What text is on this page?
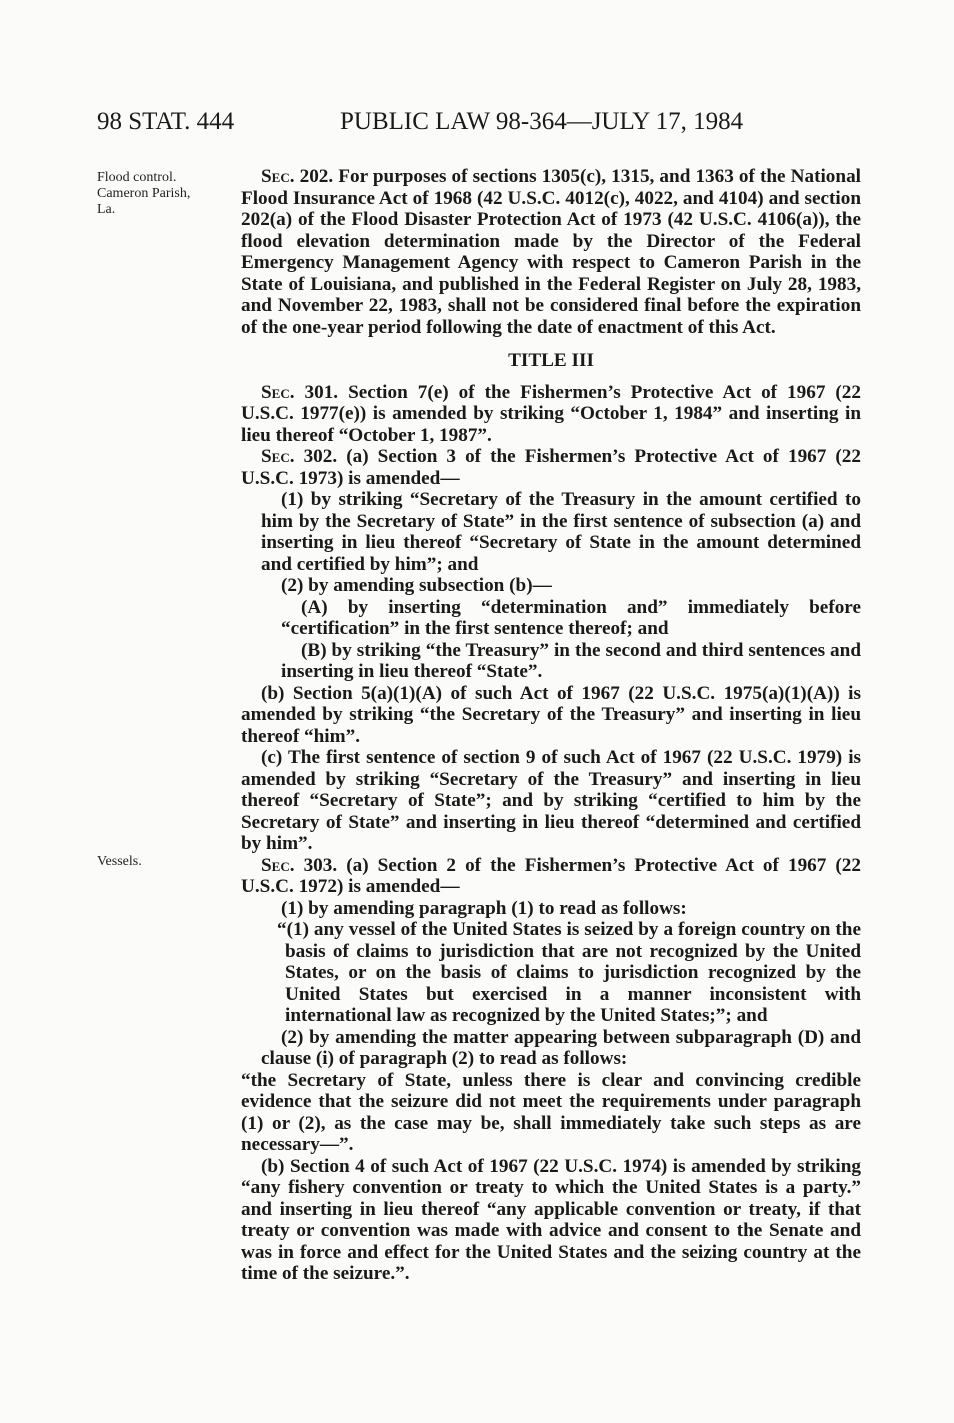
98 STAT. 444	PUBLIC LAW 98-364—JULY 17, 1984
Flood control.
Cameron Parish,
La.
Vessels.

Sec. 202. For purposes of sections 1305(c), 1315, and 1363 of the National Flood Insurance Act of 1968 (42 U.S.C. 4012(c), 4022, and 4104) and section 202(a) of the Flood Disaster Protection Act of 1973 (42 U.S.C. 4106(a)), the flood elevation determination made by the Director of the Federal Emergency Management Agency with respect to Cameron Parish in the State of Louisiana, and published in the Federal Register on July 28, 1983, and November 22, 1983, shall not be considered final before the expiration of the one-year period following the date of enactment of this Act.

TITLE III

Sec. 301. Section 7(e) of the Fishermen’s Protective Act of 1967 (22 U.S.C. 1977(e)) is amended by striking “October 1, 1984” and inserting in lieu thereof “October 1, 1987”.

Sec. 302. (a) Section 3 of the Fishermen’s Protective Act of 1967 (22 U.S.C. 1973) is amended—

(1) by striking “Secretary of the Treasury in the amount certified to him by the Secretary of State” in the first sentence of subsection (a) and inserting in lieu thereof “Secretary of State in the amount determined and certified by him”; and

(2) by amending subsection (b)—

(A) by inserting “determination and” immediately before “certification” in the first sentence thereof; and

(B) by striking “the Treasury” in the second and third sentences and inserting in lieu thereof “State”.

(b) Section 5(a)(1)(A) of such Act of 1967 (22 U.S.C. 1975(a)(1)(A)) is amended by striking “the Secretary of the Treasury” and inserting in lieu thereof “him”.

(c) The first sentence of section 9 of such Act of 1967 (22 U.S.C. 1979) is amended by striking “Secretary of the Treasury” and inserting in lieu thereof “Secretary of State”; and by striking “certified to him by the Secretary of State” and inserting in lieu thereof “determined and certified by him”.

Sec. 303. (a) Section 2 of the Fishermen’s Protective Act of 1967 (22 U.S.C. 1972) is amended—

(1) by amending paragraph (1) to read as follows:

“(1) any vessel of the United States is seized by a foreign country on the basis of claims to jurisdiction that are not recognized by the United States, or on the basis of claims to jurisdiction recognized by the United States but exercised in a manner inconsistent with international law as recognized by the United States;”; and

(2) by amending the matter appearing between subparagraph (D) and clause (i) of paragraph (2) to read as follows:

“the Secretary of State, unless there is clear and convincing credible evidence that the seizure did not meet the requirements under paragraph (1) or (2), as the case may be, shall immediately take such steps as are necessary—”.

(b) Section 4 of such Act of 1967 (22 U.S.C. 1974) is amended by striking “any fishery convention or treaty to which the United States is a party.” and inserting in lieu thereof “any applicable convention or treaty, if that treaty or convention was made with advice and consent to the Senate and was in force and effect for the United States and the seizing country at the time of the seizure.”.
